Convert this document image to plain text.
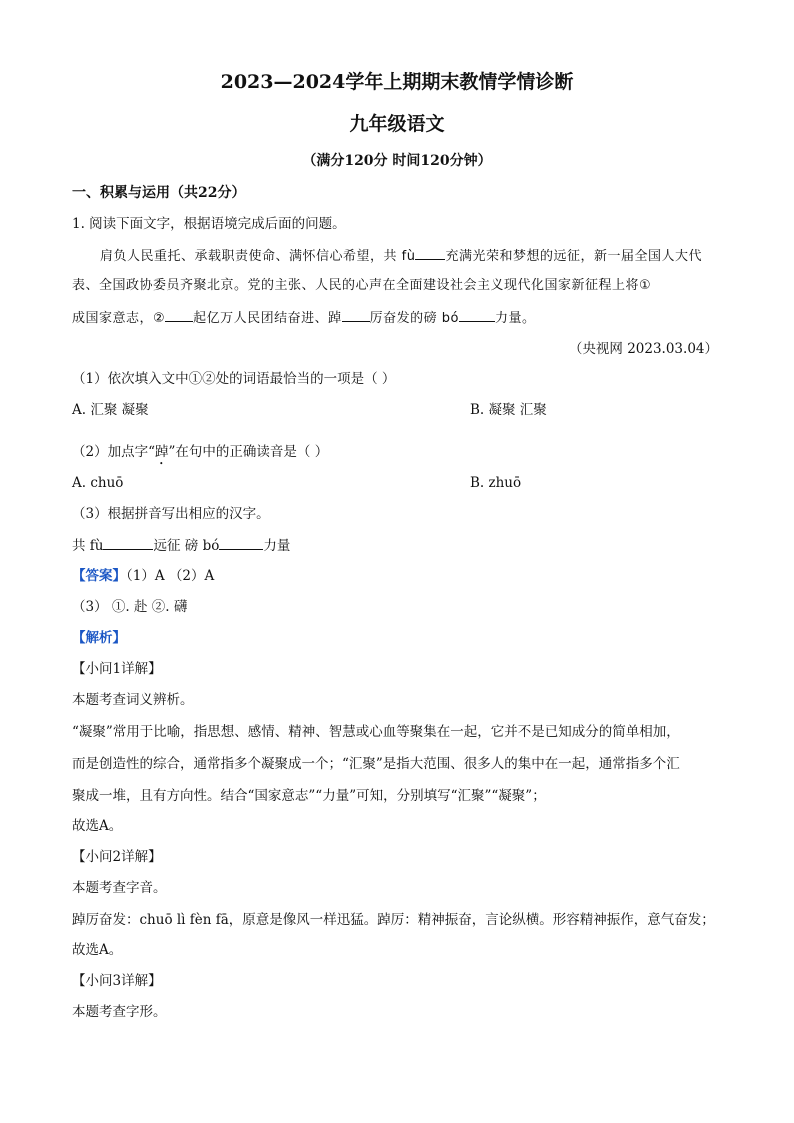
2023—2024学年上期期末教情学情诊断
九年级语文
（满分120分 时间120分钟）
一、积累与运用（共22分）
1. 阅读下面文字，根据语境完成后面的问题。
肩负人民重托、承载职责使命、满怀信心希望，共 fù 充满光荣和梦想的远征，新一届全国人大代
表、全国政协委员齐聚北京。党的主张、人民的心声在全面建设社会主义现代化国家新征程上将①
成国家意志，② 起亿万人民团结奋进、踔 厉奋发的磅 bó	力量。
（央视网 2023.03.04）
（1）依次填入文中①②处的词语最恰当的一项是（ ）
A. 汇聚 凝聚	B. 凝聚 汇聚
（2）加点字“踔”在句中的正确读音是（ ）
A. chuō	B. zhuō
（3）根据拼音写出相应的汉字。
共 fù	远征 磅 bó	力量
【答案】（1）A （2）A
（3） ①. 赴 ②. 礴
【解析】
【小问1详解】
本题考查词义辨析。
“凝聚”常用于比喻，指思想、感情、精神、智慧或心血等聚集在一起，它并不是已知成分的简单相加，
而是创造性的综合，通常指多个凝聚成一个；“汇聚”是指大范围、很多人的集中在一起，通常指多个汇
聚成一堆，且有方向性。结合“国家意志”“力量”可知，分别填写“汇聚”“凝聚”；
故选A。
【小问2详解】
本题考查字音。
踔厉奋发：chuō lì fèn fā，原意是像风一样迅猛。踔厉：精神振奋，言论纵横。形容精神振作，意气奋发；
故选A。
【小问3详解】
本题考查字形。
